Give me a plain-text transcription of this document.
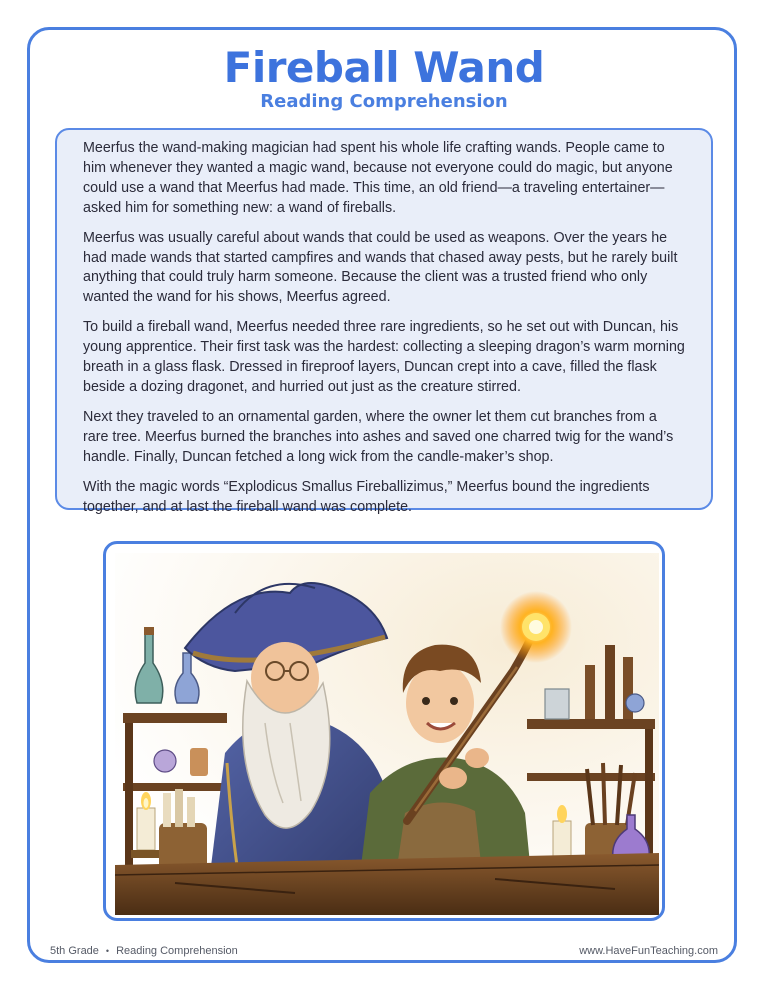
Fireball Wand
Reading Comprehension

Meerfus the wand-making magician had spent his whole life crafting wands. People came to him whenever they wanted a magic wand, because not everyone could do magic, but anyone could use a wand that Meerfus had made. This time, an old friend—a traveling entertainer—asked him for something new: a wand of fireballs.

Meerfus was usually careful about wands that could be used as weapons. Over the years he had made wands that started campfires and wands that chased away pests, but he rarely built anything that could truly harm someone. Because the client was a trusted friend who only wanted the wand for his shows, Meerfus agreed.

To build a fireball wand, Meerfus needed three rare ingredients, so he set out with Duncan, his young apprentice. Their first task was the hardest: collecting a sleeping dragon’s warm morning breath in a glass flask. Dressed in fireproof layers, Duncan crept into a cave, filled the flask beside a dozing dragonet, and hurried out just as the creature stirred.

Next they traveled to an ornamental garden, where the owner let them cut branches from a rare tree. Meerfus burned the branches into ashes and saved one charred twig for the wand’s handle. Finally, Duncan fetched a long wick from the candle-maker’s shop.

With the magic words “Explodicus Smallus Fireballizimus,” Meerfus bound the ingredients together, and at last the fireball wand was complete.

5th Grade • Reading Comprehension	www.HaveFunTeaching.com
